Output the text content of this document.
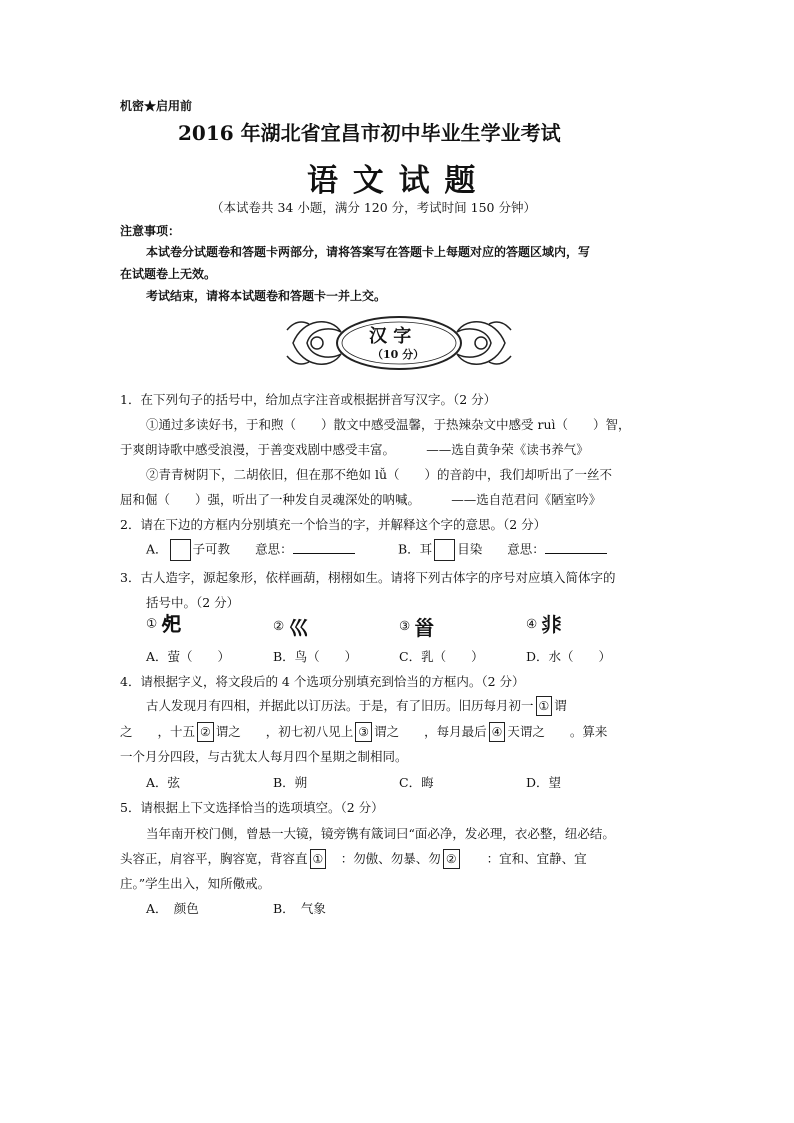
机密★启用前
2016 年湖北省宜昌市初中毕业生学业考试
语 文 试 题
（本试卷共 34 小题，满分 120 分，考试时间 150 分钟）
注意事项：
本试卷分试题卷和答题卡两部分，请将答案写在答题卡上每题对应的答题区域内，写
在试题卷上无效。
考试结束，请将本试题卷和答题卡一并上交。
汉 字
（10 分）
1．在下列句子的括号中，给加点字注音或根据拼音写汉字。（2 分）
①通过多读好书，于和煦（　　）散文中感受温馨，于热辣杂文中感受 ruì（　　）智，
于爽朗诗歌中感受浪漫，于善变戏剧中感受丰富。　　　——选自黄争荣《读书养气》
②青青树阴下，二胡依旧，但在那不绝如 lǚ（　　）的音韵中，我们却听出了一丝不
屈和倔（　　）强，听出了一种发自灵魂深处的呐喊。　　　——选自范君问《陋室吟》
2．请在下边的方框内分别填充一个恰当的字，并解释这个字的意思。（2 分）
A． 子可教　　 意思：	B．耳 目染　　 意思：
3．古人造字，源起象形，依样画葫，栩栩如生。请将下列古体字的序号对应填入简体字的
括号中。（2 分）
① 𢀸	② 巛	③ 𩠐	④ 𩇨
A．萤（　　）	B．鸟（　　）	C．乳（　　）	D．水（　　）
4．请根据字义，将文段后的 4 个选项分别填充到恰当的方框内。（2 分）
古人发现月有四相，并据此以订历法。于是，有了旧历。旧历每月初一 ① 谓
之　　，十五 ② 谓之　　，初七初八见上 ③ 谓之　　，每月最后 ④ 天谓之　　。算来
一个月分四段，与古犹太人每月四个星期之制相同。
A．弦	B．朔	C．晦	D．望
5．请根据上下文选择恰当的选项填空。（2 分）
当年南开校门侧，曾悬一大镜，镜旁镌有箴词曰“面必净，发必理，衣必整，纽必结。
头容正，肩容平，胸容宽，背容直 ①　 ：勿傲、勿暴、勿 ②　　 ：宜和、宜静、宜
庄。”学生出入，知所儆戒。
A．　颜色	B．　气象
